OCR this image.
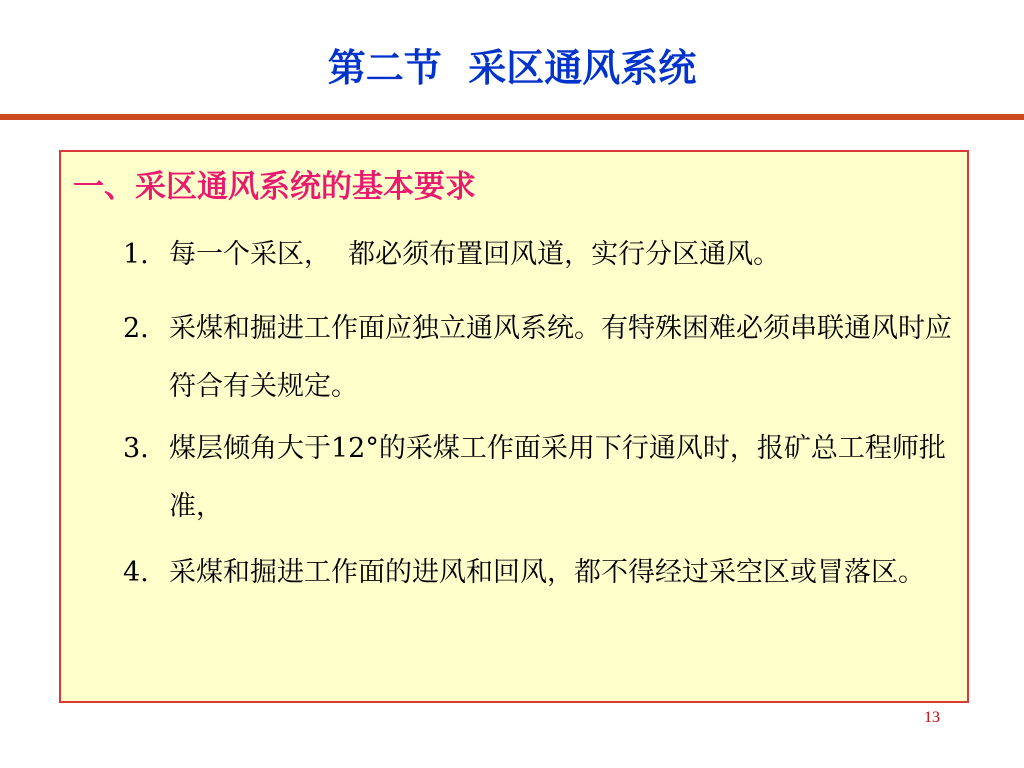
第二节  采区通风系统
一、采区通风系统的基本要求
1. 每一个采区，  都必须布置回风道，实行分区通风。
2. 采煤和掘进工作面应独立通风系统。有特殊困难必须串联通风时应符合有关规定。
3. 煤层倾角大于12°的采煤工作面采用下行通风时，报矿总工程师批准，
4. 采煤和掘进工作面的进风和回风，都不得经过采空区或冒落区。
13
